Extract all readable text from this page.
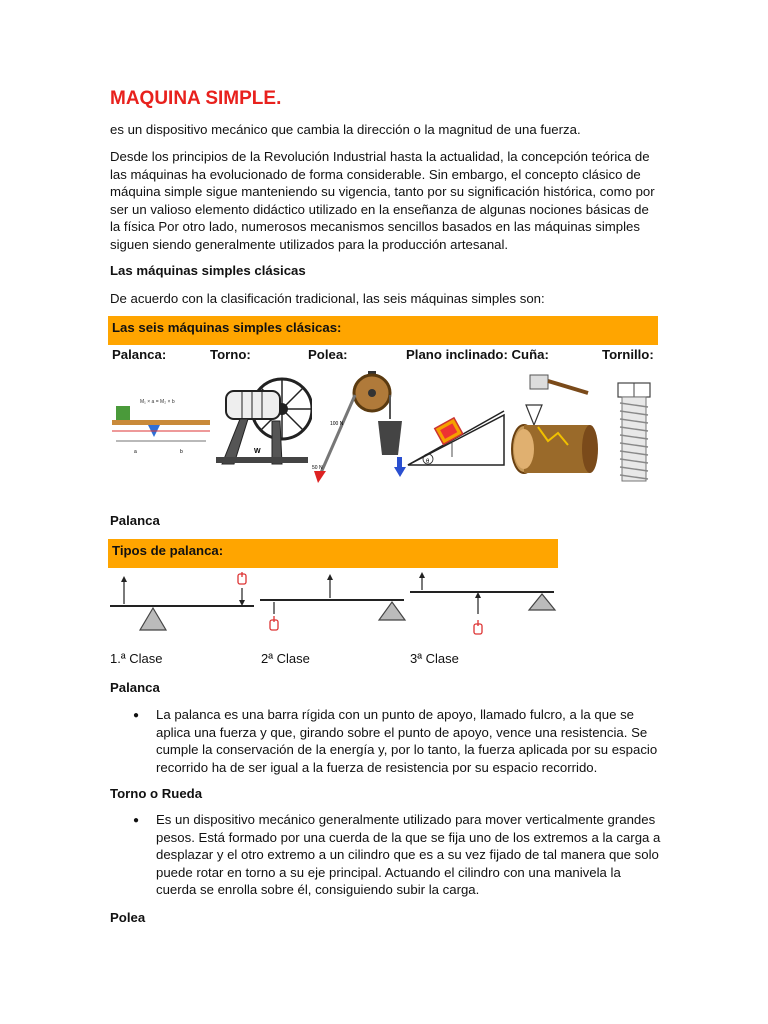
MAQUINA SIMPLE.

es un dispositivo mecánico que cambia la dirección o la magnitud de una fuerza.

Desde los principios de la Revolución Industrial hasta la actualidad, la concepción teórica de las máquinas ha evolucionado de forma considerable. Sin embargo, el concepto clásico de máquina simple sigue manteniendo su vigencia, tanto por su significación histórica, como por ser un valioso elemento didáctico utilizado en la enseñanza de algunas nociones básicas de la física Por otro lado, numerosos mecanismos sencillos basados en las máquinas simples siguen siendo generalmente utilizados para la producción artesanal.

Las máquinas simples clásicas

De acuerdo con la clasificación tradicional, las seis máquinas simples son:

Las seis máquinas simples clásicas:
Palanca:	Torno:	Polea:	Plano inclinado: Cuña:	Tornillo:
M₁ × a = M₂ × b
a	b	W
100 N
50 N
θ

Palanca

Tipos de palanca:
1.ª Clase	2ª Clase	3ª Clase

Palanca

● La palanca es una barra rígida con un punto de apoyo, llamado fulcro, a la que se aplica una fuerza y que, girando sobre el punto de apoyo, vence una resistencia. Se cumple la conservación de la energía y, por lo tanto, la fuerza aplicada por su espacio recorrido ha de ser igual a la fuerza de resistencia por su espacio recorrido.

Torno o Rueda

● Es un dispositivo mecánico generalmente utilizado para mover verticalmente grandes pesos. Está formado por una cuerda de la que se fija uno de los extremos a la carga a desplazar y el otro extremo a un cilindro que es a su vez fijado de tal manera que solo puede rotar en torno a su eje principal. Actuando el cilindro con una manivela la cuerda se enrolla sobre él, consiguiendo subir la carga.

Polea
